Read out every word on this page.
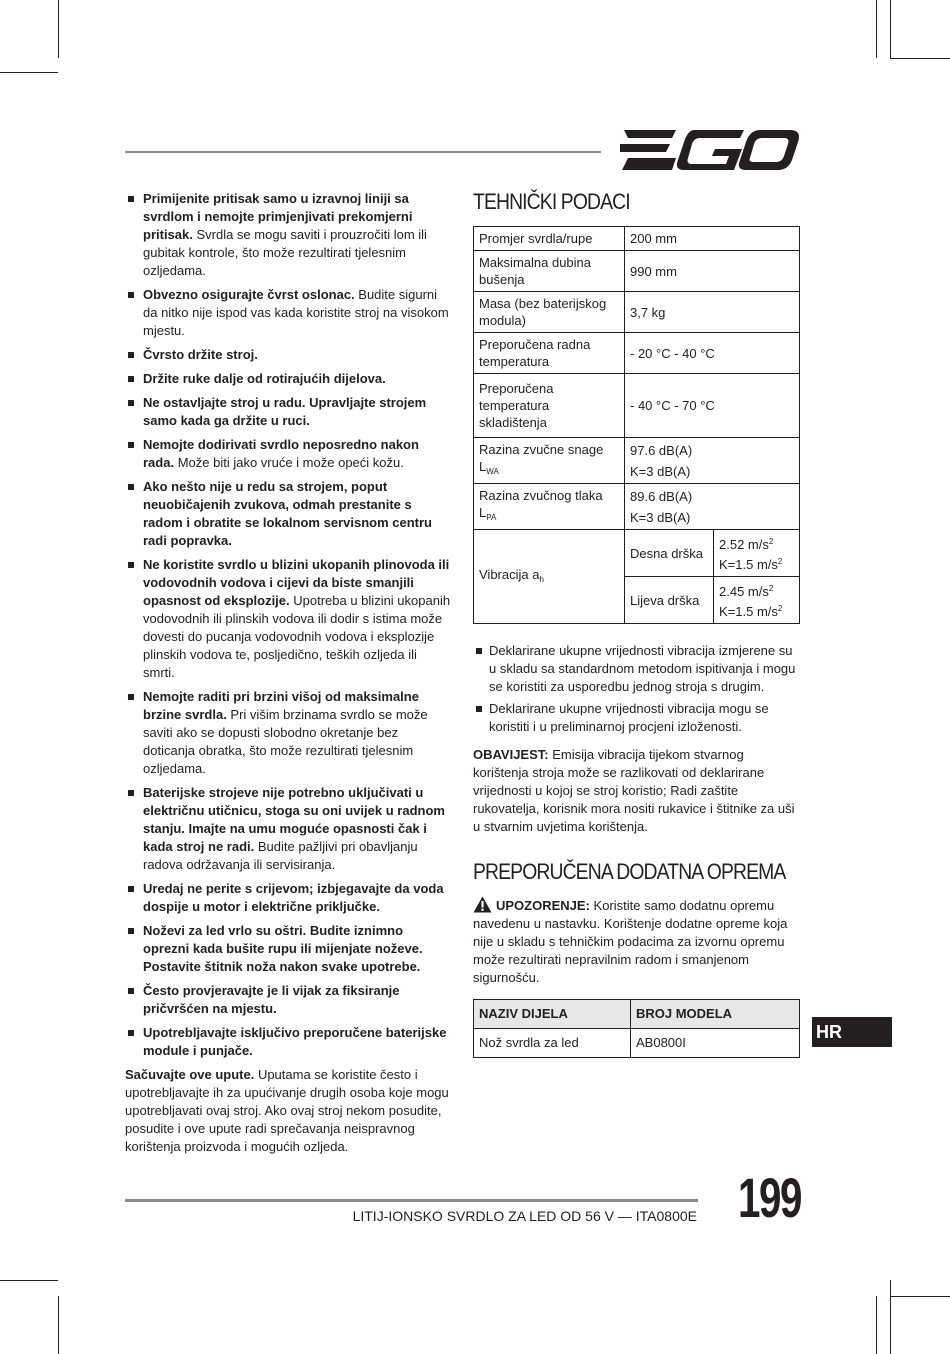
Primijenite pritisak samo u izravnoj liniji sa svrdlom i nemojte primjenjivati prekomjerni pritisak. Svrdla se mogu saviti i prouzročiti lom ili gubitak kontrole, što može rezultirati tjelesnim ozljedama.
Obvezno osigurajte čvrst oslonac. Budite sigurni da nitko nije ispod vas kada koristite stroj na visokom mjestu.
Čvrsto držite stroj.
Držite ruke dalje od rotirajućih dijelova.
Ne ostavljajte stroj u radu. Upravljajte strojem samo kada ga držite u ruci.
Nemojte dodirivati svrdlo neposredno nakon rada. Može biti jako vruće i može opeći kožu.
Ako nešto nije u redu sa strojem, poput neuobičajenih zvukova, odmah prestanite s radom i obratite se lokalnom servisnom centru radi popravka.
Ne koristite svrdlo u blizini ukopanih plinovoda ili vodovodnih vodova i cijevi da biste smanjili opasnost od eksplozije. Upotreba u blizini ukopanih vodovodnih ili plinskih vodova ili dodir s istima može dovesti do pucanja vodovodnih vodova i eksplozije plinskih vodova te, posljedično, teških ozljeda ili smrti.
Nemojte raditi pri brzini višoj od maksimalne brzine svrdla. Pri višim brzinama svrdlo se može saviti ako se dopusti slobodno okretanje bez doticanja obratka, što može rezultirati tjelesnim ozljedama.
Baterijske strojeve nije potrebno uključivati u električnu utičnicu, stoga su oni uvijek u radnom stanju. Imajte na umu moguće opasnosti čak i kada stroj ne radi. Budite pažljivi pri obavljanju radova održavanja ili servisiranja.
Uredaj ne perite s crijevom; izbjegavajte da voda dospije u motor i električne priključke.
Noževi za led vrlo su oštri. Budite iznimno oprezni kada bušite rupu ili mijenjate noževe. Postavite štitnik noža nakon svake upotrebe.
Često provjeravajte je li vijak za fiksiranje pričvršćen na mjestu.
Upotrebljavajte isključivo preporučene baterijske module i punjače.

Sačuvajte ove upute. Uputama se koristite često i upotrebljavajte ih za upućivanje drugih osoba koje mogu upotrebljavati ovaj stroj. Ako ovaj stroj nekom posudite, posudite i ove upute radi sprečavanja neispravnog korištenja proizvoda i mogućih ozljeda.

TEHNIČKI PODACI
Promjer svrdla/rupe	200 mm	
Maksimalna dubina bušenja	990 mm	
Masa (bez baterijskog modula)	3,7 kg	
Preporučena radna temperatura	- 20 °C - 40 °C	
Preporučena temperatura skladištenja	- 40 °C - 70 °C	
Razina zvučne snage $L_{WA}$	97.6 dB(A)
K=3 dB(A)	

Razina zvučnog tlaka $L_{PA}$	89.6 dB(A)
K=3 dB(A)	

Vibracija $a_h$	Desna drška	2.52 $m/s^2$
K=1.5 $m/s^2$

	Lijeva drška	2.45 $m/s^2$
K=1.5 $m/s^2$
Deklarirane ukupne vrijednosti vibracija izmjerene su u skladu sa standardnom metodom ispitivanja i mogu se koristiti za usporedbu jednog stroja s drugim.
Deklarirane ukupne vrijednosti vibracija mogu se koristiti i u preliminarnoj procjeni izloženosti.

OBAVIJEST: Emisija vibracija tijekom stvarnog korištenja stroja može se razlikovati od deklarirane vrijednosti u kojoj se stroj koristio; Radi zaštite rukovatelja, korisnik mora nositi rukavice i štitnike za uši u stvarnim uvjetima korištenja.

PREPORUČENA DODATNA OPREMA

UPOZORENJE: Koristite samo dodatnu opremu navedenu u nastavku. Korištenje dodatne opreme koja nije u skladu s tehničkim podacima za izvornu opremu može rezultirati nepravilnim radom i smanjenom sigurnošću.

NAZIV DIJELA	BROJ MODELA
Nož svrdla za led	AB0800I
HR
LITIJ-IONSKO SVRDLO ZA LED OD 56 V — ITA0800E 199
